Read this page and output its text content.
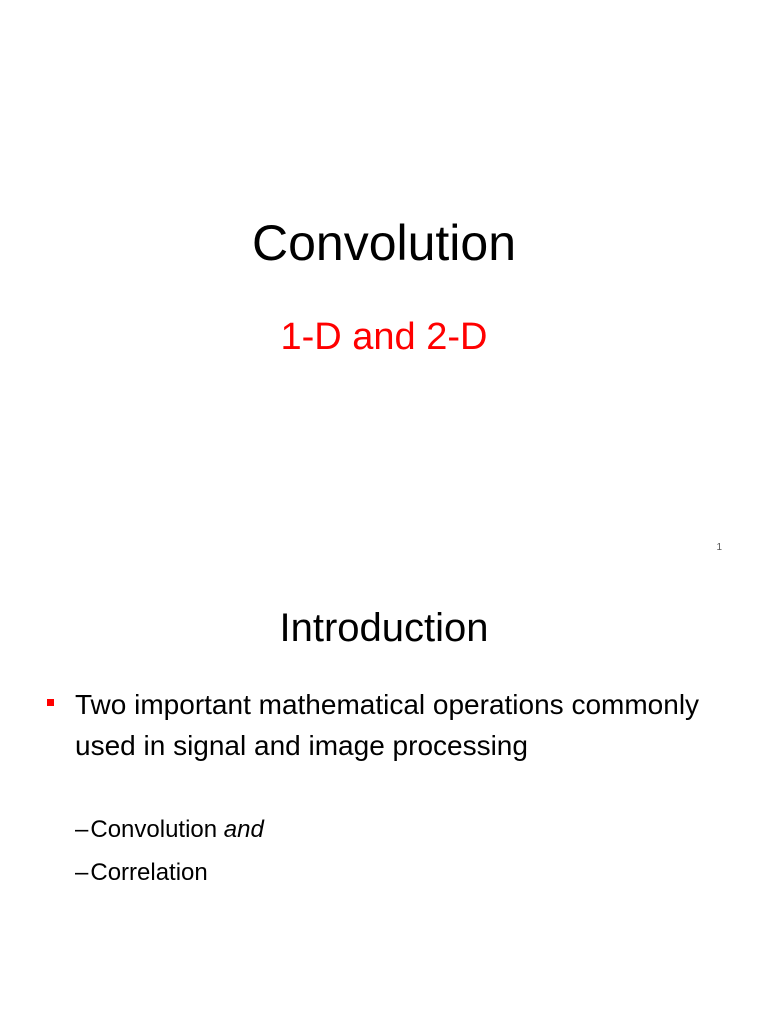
Convolution
1-D and 2-D
1
Introduction
Two important mathematical operations commonly used in signal and image processing
–Convolution and
–Correlation
